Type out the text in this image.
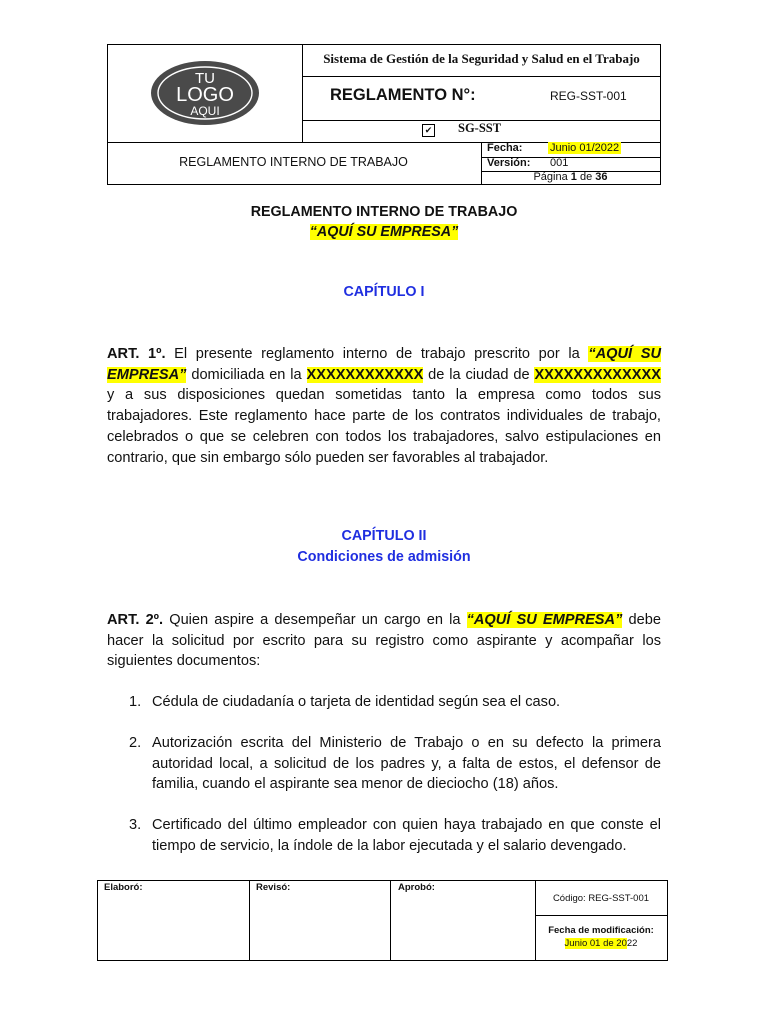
TU
LOGO
AQUI
Sistema de Gestión de la Seguridad y Salud en el Trabajo
REGLAMENTO N°:	REG-SST-001
✔ SG-SST
REGLAMENTO INTERNO DE TRABAJO
Fecha:	Junio 01/2022
Versión: 001
Página 1 de 36
REGLAMENTO INTERNO DE TRABAJO
“AQUÍ SU EMPRESA”
CAPÍTULO I
ART. 1º. El presente reglamento interno de trabajo prescrito por la “AQUÍ SU EMPRESA” domiciliada en la XXXXXXXXXXXX de la ciudad de XXXXXXXXXXXXX y a sus disposiciones quedan sometidas tanto la empresa como todos sus trabajadores. Este reglamento hace parte de los contratos individuales de trabajo, celebrados o que se celebren con todos los trabajadores, salvo estipulaciones en contrario, que sin embargo sólo pueden ser favorables al trabajador.
CAPÍTULO II
Condiciones de admisión
ART. 2º. Quien aspire a desempeñar un cargo en la “AQUÍ SU EMPRESA” debe hacer la solicitud por escrito para su registro como aspirante y acompañar los siguientes documentos:
1. Cédula de ciudadanía o tarjeta de identidad según sea el caso.
2. Autorización escrita del Ministerio de Trabajo o en su defecto la primera autoridad local, a solicitud de los padres y, a falta de estos, el defensor de familia, cuando el aspirante sea menor de dieciocho (18) años.
3. Certificado del último empleador con quien haya trabajado en que conste el tiempo de servicio, la índole de la labor ejecutada y el salario devengado.
Elaboró:	Revisó:	Aprobó:
Código: REG-SST-001
Fecha de modificación:
Junio 01 de 2022
